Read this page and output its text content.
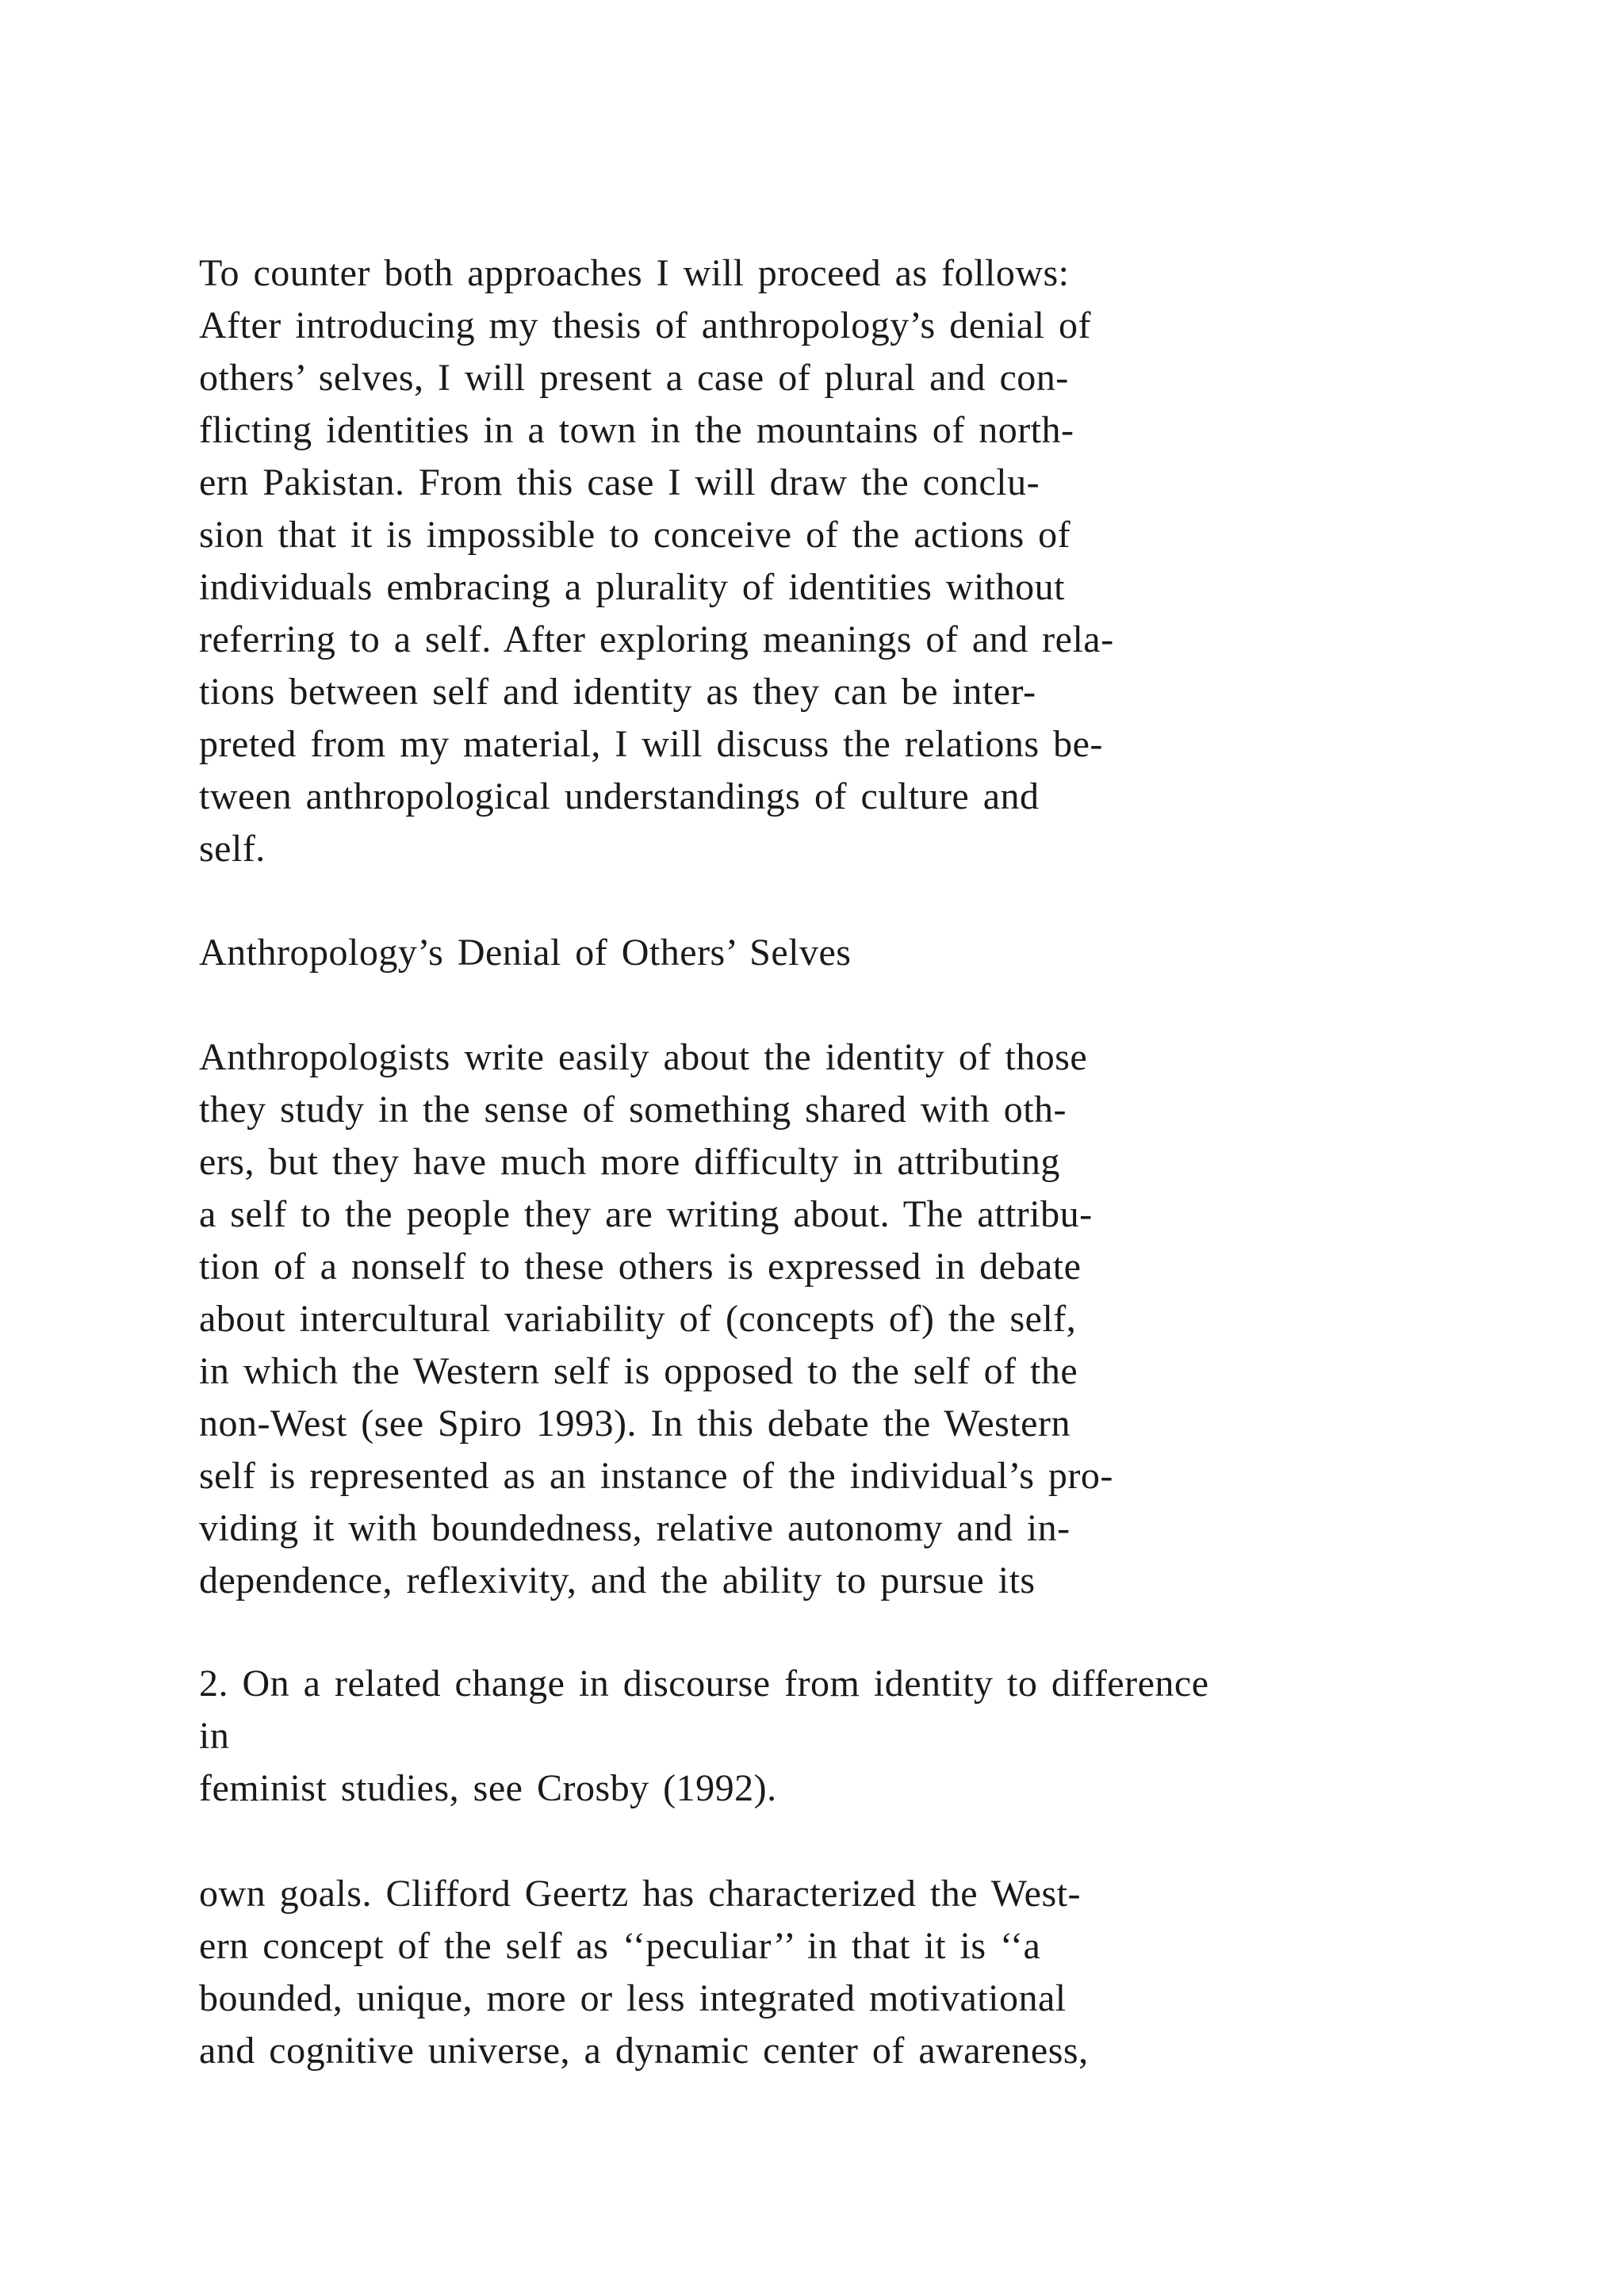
To counter both approaches I will proceed as follows:
After introducing my thesis of anthropology’s denial of
others’ selves, I will present a case of plural and con-
flicting identities in a town in the mountains of north-
ern Pakistan. From this case I will draw the conclu-
sion that it is impossible to conceive of the actions of
individuals embracing a plurality of identities without
referring to a self. After exploring meanings of and rela-
tions between self and identity as they can be inter-
preted from my material, I will discuss the relations be-
tween anthropological understandings of culture and
self.
Anthropology’s Denial of Others’ Selves
Anthropologists write easily about the identity of those
they study in the sense of something shared with oth-
ers, but they have much more difficulty in attributing
a self to the people they are writing about. The attribu-
tion of a nonself to these others is expressed in debate
about intercultural variability of (concepts of) the self,
in which the Western self is opposed to the self of the
non-West (see Spiro 1993). In this debate the Western
self is represented as an instance of the individual’s pro-
viding it with boundedness, relative autonomy and in-
dependence, reflexivity, and the ability to pursue its
2. On a related change in discourse from identity to difference
in
feminist studies, see Crosby (1992).
own goals. Clifford Geertz has characterized the West-
ern concept of the self as ‘‘peculiar’’ in that it is ‘‘a
bounded, unique, more or less integrated motivational
and cognitive universe, a dynamic center of awareness,
